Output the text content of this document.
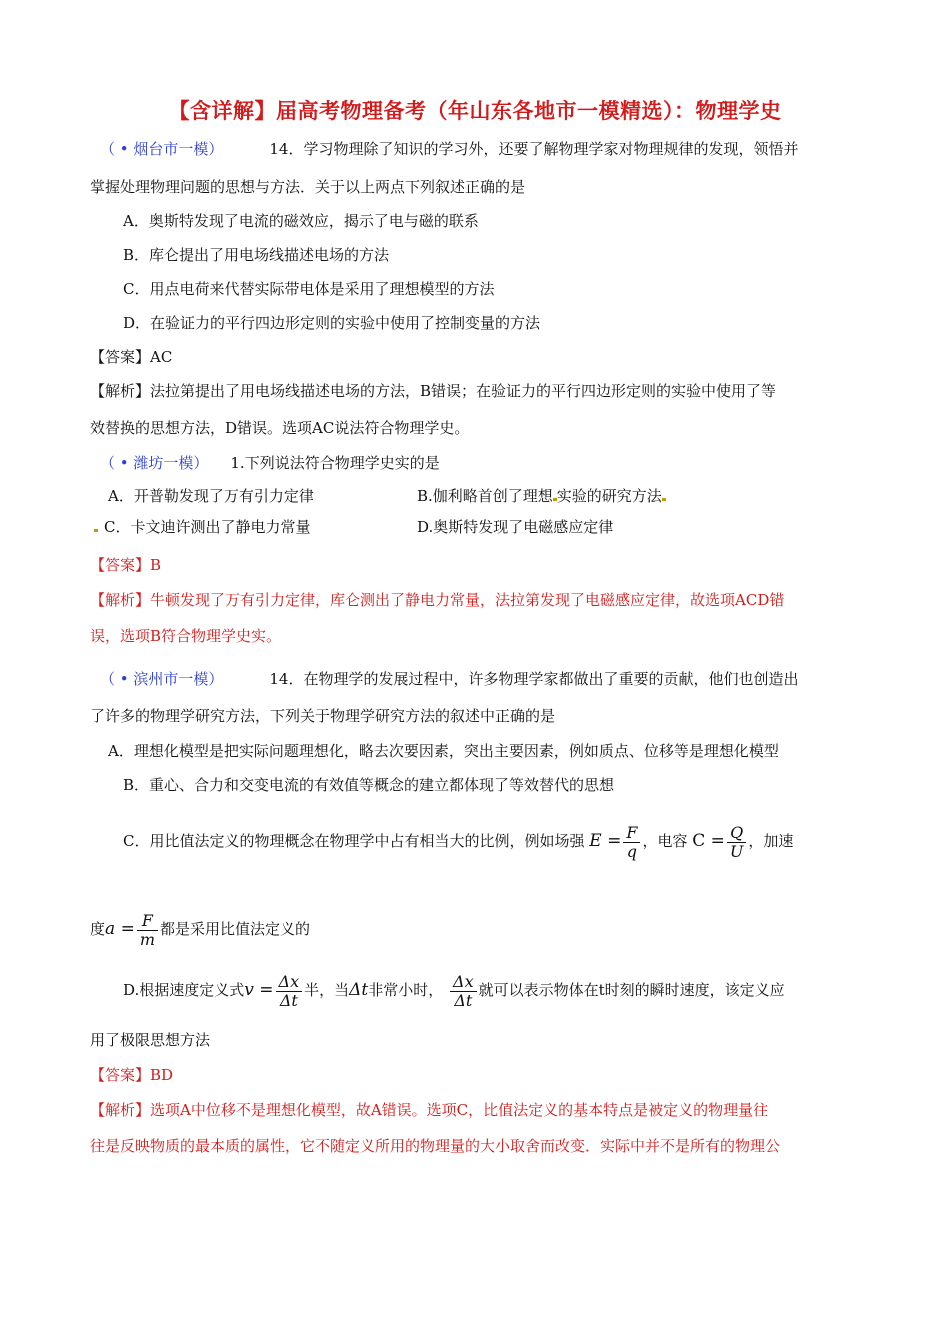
【含详解】届高考物理备考（年山东各地市一模精选）：物理学史
（ • 烟台市一模）	14．学习物理除了知识的学习外，还要了解物理学家对物理规律的发现，领悟并
掌握处理物理问题的思想与方法．关于以上两点下列叙述正确的是
A．奥斯特发现了电流的磁效应，揭示了电与磁的联系
B．库仑提出了用电场线描述电场的方法
C．用点电荷来代替实际带电体是采用了理想模型的方法
D．在验证力的平行四边形定则的实验中使用了控制变量的方法
【答案】AC
【解析】法拉第提出了用电场线描述电场的方法，B错误；在验证力的平行四边形定则的实验中使用了等
效替换的思想方法，D错误。选项AC说法符合物理学史。
（ • 潍坊一模） 1.下列说法符合物理学史实的是
A．开普勒发现了万有引力定律	B.伽利略首创了理想 实验的研究方法
C．卡文迪许测出了静电力常量	D.奥斯特发现了电磁感应定律
【答案】B
【解析】牛顿发现了万有引力定律，库仑测出了静电力常量，法拉第发现了电磁感应定律，故选项ACD错
误，选项B符合物理学史实。
（ • 滨州市一模）	14．在物理学的发展过程中，许多物理学家都做出了重要的贡献，他们也创造出
了许多的物理学研究方法，下列关于物理学研究方法的叙述中正确的是
A．理想化模型是把实际问题理想化，略去次要因素，突出主要因素，例如质点、位移等是理想化模型
B．重心、合力和交变电流的有效值等概念的建立都体现了等效替代的思想
C．用比值法定义的物理概念在物理学中占有相当大的比例，例如场强 $E = \frac{F}{q}$ ，电容 $C = \frac{Q}{U}$ ，加速
度$a = \frac{F}{m}$ 都是采用比值法定义的
D.根据速度定义式$v = \frac{\Delta x}{\Delta t}$ 半，当Δt非常小时， $\frac{\Delta x}{\Delta t}$ 就可以表示物体在t时刻的瞬时速度，该定义应
用了极限思想方法
【答案】BD
【解析】选项A中位移不是理想化模型，故A错误。选项C，比值法定义的基本特点是被定义的物理量往
往是反映物质的最本质的属性，它不随定义所用的物理量的大小取舍而改变．实际中并不是所有的物理公
